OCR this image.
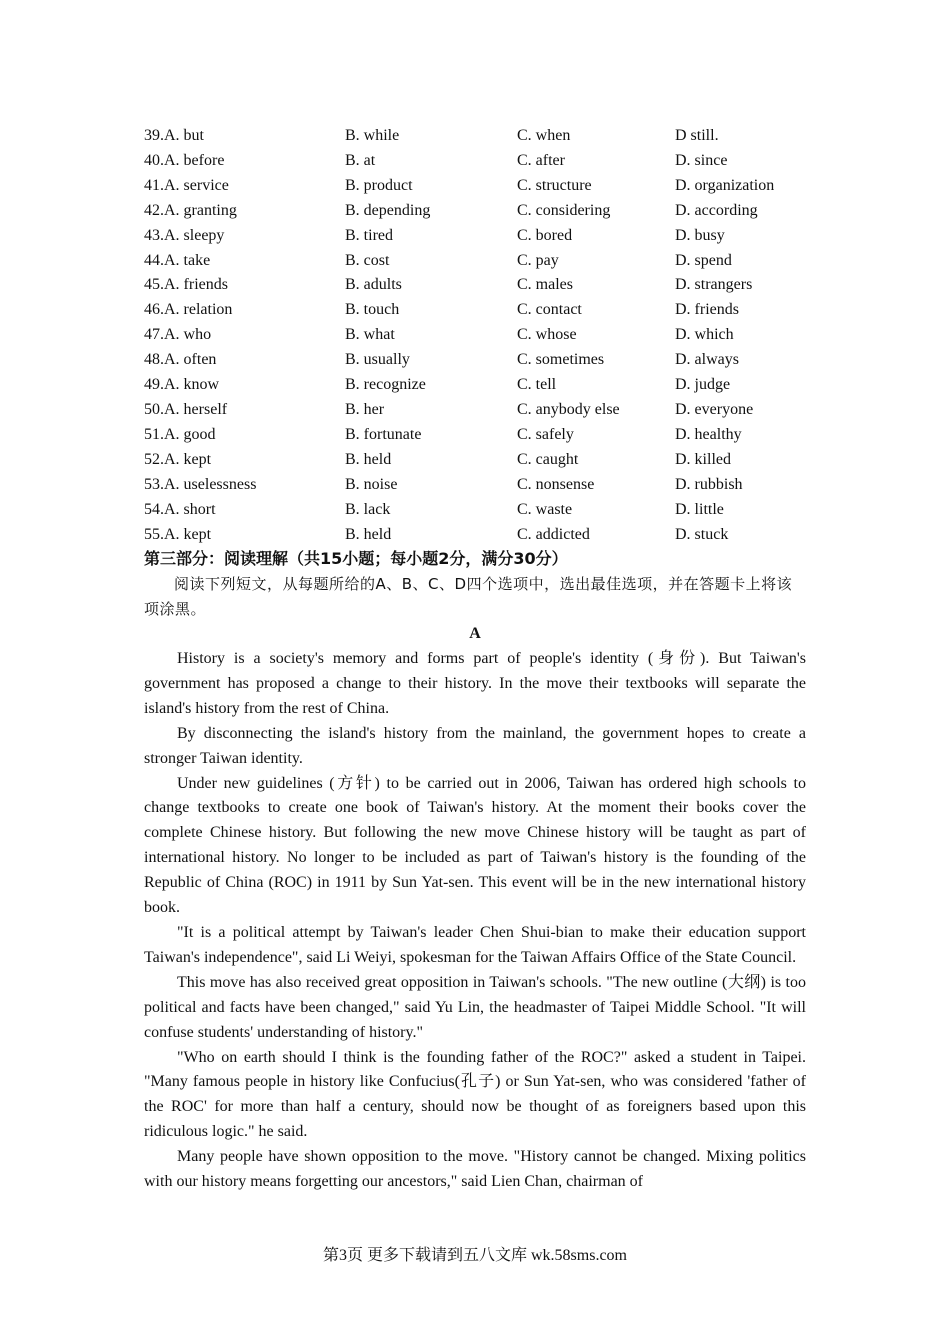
39.A. but	B. while	C. when	D still.
40.A. before	B. at	C. after	D. since
41.A. service	B. product	C. structure	D. organization
42.A. granting	B. depending	C. considering	D. according
43.A. sleepy	B. tired	C. bored	D. busy
44.A. take	B. cost	C. pay	D. spend
45.A. friends	B. adults	C. males	D. strangers
46.A. relation	B. touch	C. contact	D. friends
47.A. who	B. what	C. whose	D. which
48.A. often	B. usually	C. sometimes	D. always
49.A. know	B. recognize	C. tell	D. judge
50.A. herself	B. her	C. anybody else	D. everyone
51.A. good	B. fortunate	C. safely	D. healthy
52.A. kept	B. held	C. caught	D. killed
53.A. uselessness	B. noise	C. nonsense	D. rubbish
54.A. short	B. lack	C. waste	D. little
55.A. kept	B. held	C. addicted	D. stuck

第三部分：阅读理解（共15小题；每小题2分，满分30分）

阅读下列短文，从每题所给的A、B、C、D四个选项中，选出最佳选项，并在答题卡上将该项涂黑。

A

History is a society's memory and forms part of people's identity (身份). But Taiwan's government has proposed a change to their history. In the move their textbooks will separate the island's history from the rest of China.

By disconnecting the island's history from the mainland, the government hopes to create a stronger Taiwan identity.

Under new guidelines (方针) to be carried out in 2006, Taiwan has ordered high schools to change textbooks to create one book of Taiwan's history. At the moment their books cover the complete Chinese history. But following the new move Chinese history will be taught as part of international history. No longer to be included as part of Taiwan's history is the founding of the Republic of China (ROC) in 1911 by Sun Yat-sen. This event will be in the new international history book.

"It is a political attempt by Taiwan's leader Chen Shui-bian to make their education support Taiwan's independence", said Li Weiyi, spokesman for the Taiwan Affairs Office of the State Council.

This move has also received great opposition in Taiwan's schools. "The new outline (大纲) is too political and facts have been changed," said Yu Lin, the headmaster of Taipei Middle School. "It will confuse students' understanding of history."

"Who on earth should I think is the founding father of the ROC?" asked a student in Taipei. "Many famous people in history like Confucius(孔子) or Sun Yat-sen, who was considered 'father of the ROC' for more than half a century, should now be thought of as foreigners based upon this ridiculous logic." he said.

Many people have shown opposition to the move. "History cannot be changed. Mixing politics with our history means forgetting our ancestors," said Lien Chan, chairman of

第3页 更多下载请到五八文库 wk.58sms.com
